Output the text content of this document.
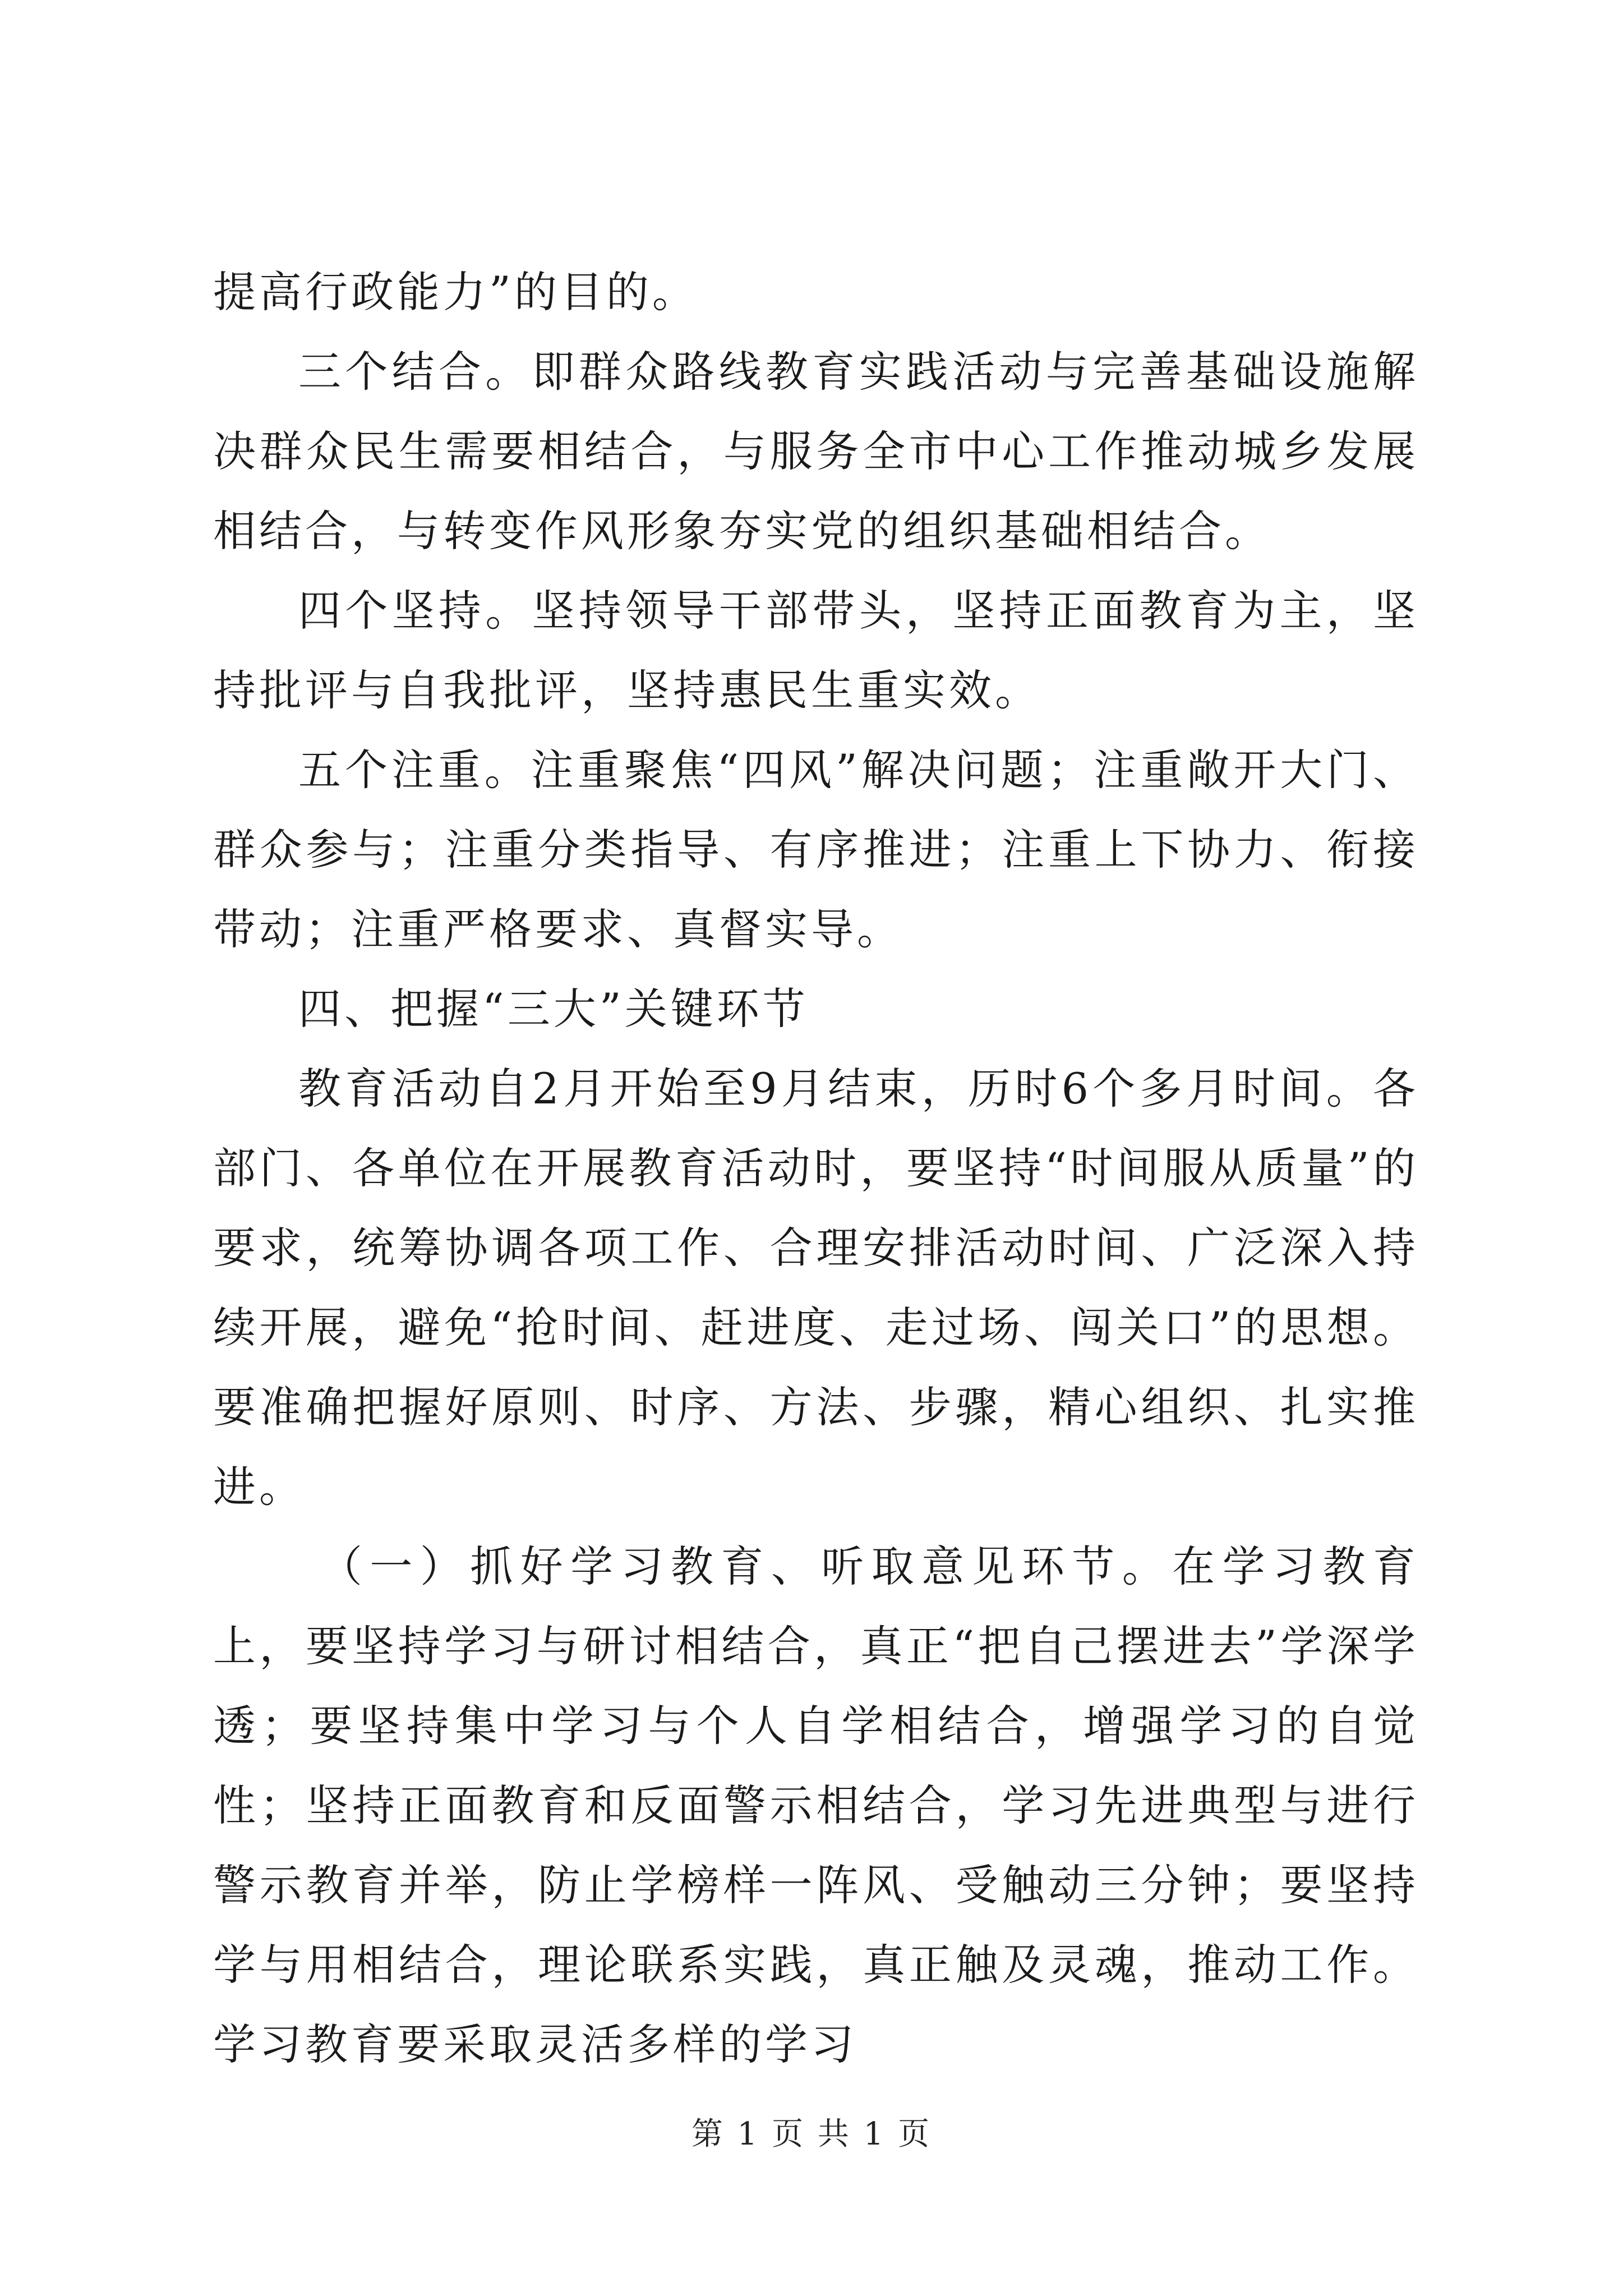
提高行政能力”的目的。

三个结合。即群众路线教育实践活动与完善基础设施解决群众民生需要相结合，与服务全市中心工作推动城乡发展相结合，与转变作风形象夯实党的组织基础相结合。

四个坚持。坚持领导干部带头，坚持正面教育为主，坚持批评与自我批评，坚持惠民生重实效。

五个注重。注重聚焦“四风”解决问题；注重敞开大门、群众参与；注重分类指导、有序推进；注重上下协力、衔接带动；注重严格要求、真督实导。

四、把握“三大”关键环节

教育活动自2月开始至9月结束，历时6个多月时间。各部门、各单位在开展教育活动时，要坚持“时间服从质量”的要求，统筹协调各项工作、合理安排活动时间、广泛深入持续开展，避免“抢时间、赶进度、走过场、闯关口”的思想。要准确把握好原则、时序、方法、步骤，精心组织、扎实推进。

（一）抓好学习教育、听取意见环节。在学习教育上，要坚持学习与研讨相结合，真正“把自己摆进去”学深学透；要坚持集中学习与个人自学相结合，增强学习的自觉性；坚持正面教育和反面警示相结合，学习先进典型与进行警示教育并举，防止学榜样一阵风、受触动三分钟；要坚持学与用相结合，理论联系实践，真正触及灵魂，推动工作。学习教育要采取灵活多样的学习

第 1 页 共 1 页
